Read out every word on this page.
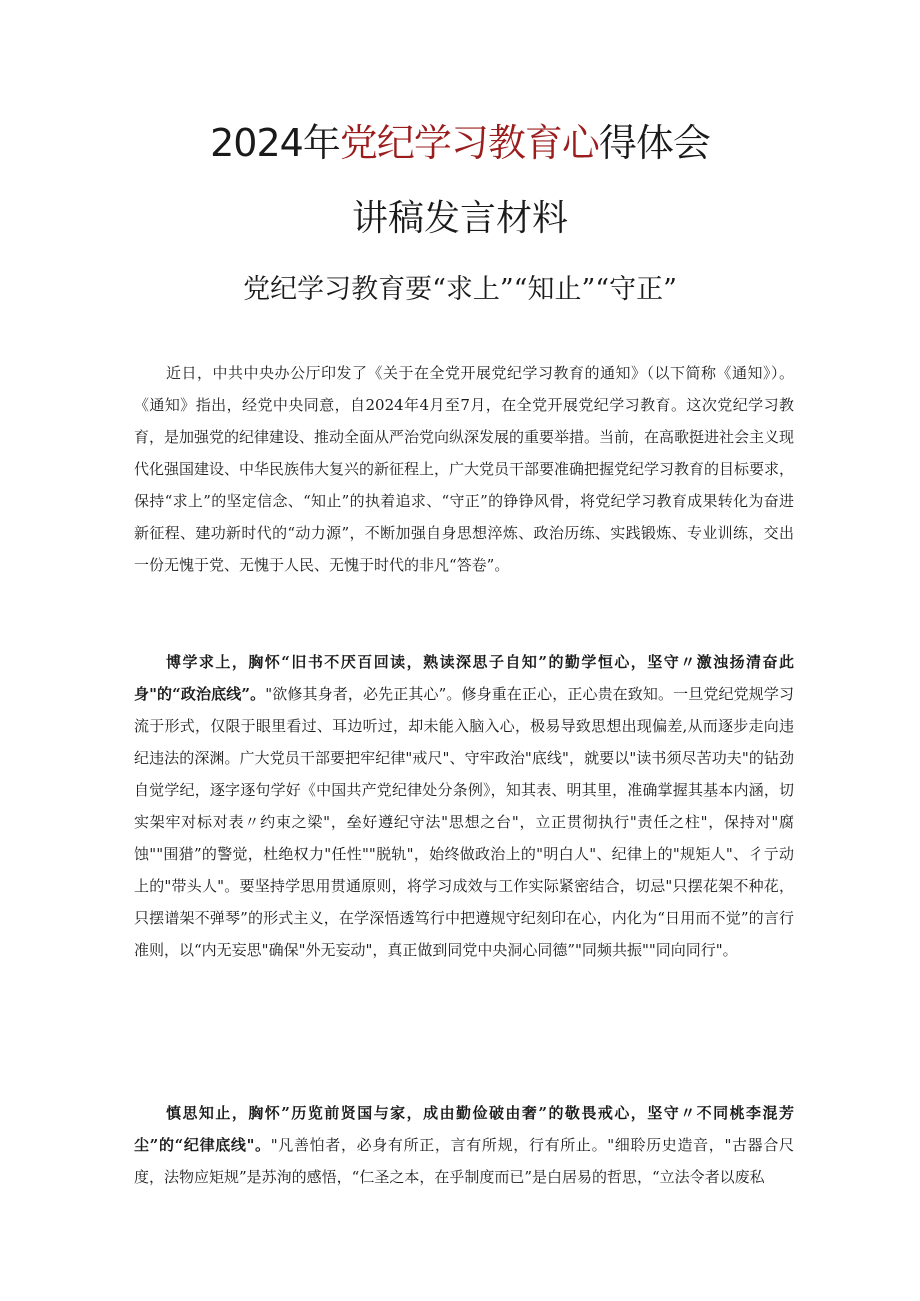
2024年党纪学习教育心得体会
讲稿发言材料
党纪学习教育要“求上”“知止”“守正”

近日，中共中央办公厅印发了《关于在全党开展党纪学习教育的通知》（以下简称《通知》）。《通知》指出，经党中央同意，自2024年4月至7月，在全党开展党纪学习教育。这次党纪学习教育，是加强党的纪律建设、推动全面从严治党向纵深发展的重要举措。当前，在高歌挺进社会主义现代化强国建设、中华民族伟大复兴的新征程上，广大党员干部要准确把握党纪学习教育的目标要求，保持“求上”的坚定信念、“知止”的执着追求、“守正”的铮铮风骨，将党纪学习教育成果转化为奋进新征程、建功新时代的“动力源”，不断加强自身思想淬炼、政治历练、实践锻炼、专业训练，交出一份无愧于党、无愧于人民、无愧于时代的非凡“答卷”。

博学求上，胸怀“旧书不厌百回读，熟读深思子自知”的勤学恒心，坚守〃激浊扬清奋此身"的“政治底线”。"欲修其身者，必先正其心”。修身重在正心，正心贵在致知。一旦党纪党规学习流于形式，仅限于眼里看过、耳边听过，却未能入脑入心，极易导致思想出现偏差,从而逐步走向违纪违法的深渊。广大党员干部要把牢纪律"戒尺"、守牢政治"底线"，就要以"读书须尽苦功夫"的钻劲自觉学纪，逐字逐句学好《中国共产党纪律处分条例》，知其表、明其里，准确掌握其基本内涵，切实架牢对标对表〃约束之梁"，垒好遵纪守法"思想之台"，立正贯彻执行"责任之柱"，保持对"腐蚀""围猎”的警觉，杜绝权力"任性""脱轨"，始终做政治上的"明白人"、纪律上的"规矩人"、彳亍动上的"带头人"。要坚持学思用贯通原则，将学习成效与工作实际紧密结合，切忌"只摆花架不种花，只摆谱架不弹琴”的形式主义，在学深悟透笃行中把遵规守纪刻印在心，内化为“日用而不觉”的言行准则，以“内无妄思"确保"外无妄动"，真正做到同党中央洞心同德”"同频共振""同向同行"。

慎思知止，胸怀”历览前贤国与家，成由勤俭破由奢”的敬畏戒心，坚守〃不同桃李混芳尘”的“纪律底线"。"凡善怕者，必身有所正，言有所规，行有所止。"细聆历史造音，"古器合尺度，法物应矩规”是苏洵的感悟，“仁圣之本，在乎制度而已”是白居易的哲思，“立法令者以废私
